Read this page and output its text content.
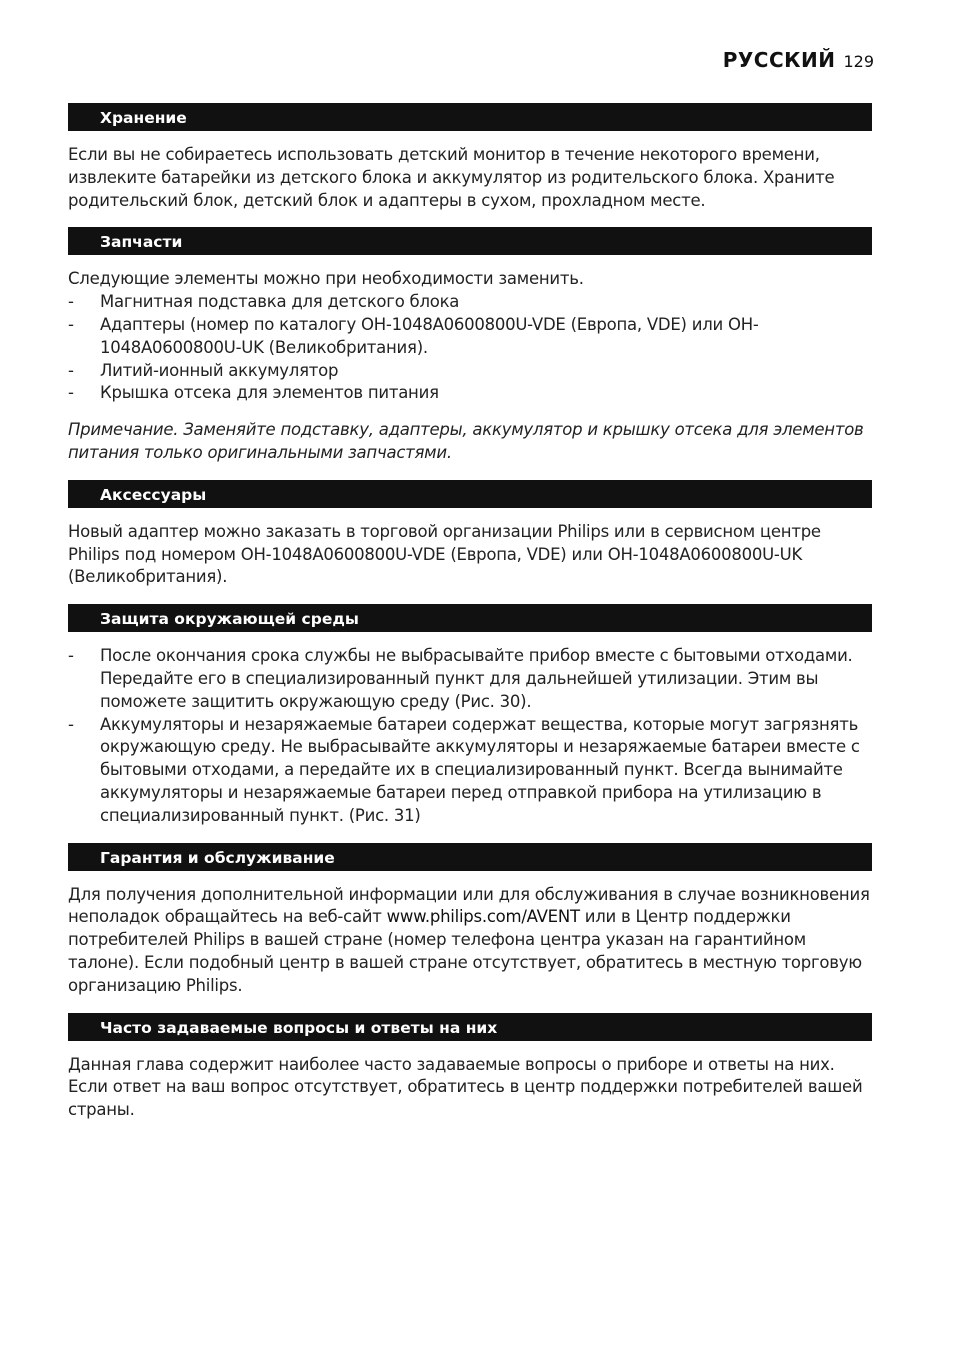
РУССКИЙ 129
Хранение

Если вы не собираетесь использовать детский монитор в течение некоторого времени, извлеките батарейки из детского блока и аккумулятор из родительского блока. Храните родительский блок, детский блок и адаптеры в сухом, прохладном месте.

Запчасти

Следующие элементы можно при необходимости заменить.

- Магнитная подставка для детского блока
- Адаптеры (номер по каталогу OH-1048A0600800U-VDE (Европа, VDE) или OH-1048A0600800U-UK (Великобритания).
- Литий-ионный аккумулятор
- Крышка отсека для элементов питания

Примечание. Заменяйте подставку, адаптеры, аккумулятор и крышку отсека для элементов питания только оригинальными запчастями.

Аксессуары

Новый адаптер можно заказать в торговой организации Philips или в сервисном центре Philips под номером OH-1048A0600800U-VDE (Европа, VDE) или OH-1048A0600800U-UK (Великобритания).

Защита окружающей среды
- После окончания срока службы не выбрасывайте прибор вместе с бытовыми отходами. Передайте его в специализированный пункт для дальнейшей утилизации. Этим вы поможете защитить окружающую среду (Рис. 30).
- Аккумуляторы и незаряжаемые батареи содержат вещества, которые могут загрязнять окружающую среду. Не выбрасывайте аккумуляторы и незаряжаемые батареи вместе с бытовыми отходами, а передайте их в специализированный пункт. Всегда вынимайте аккумуляторы и незаряжаемые батареи перед отправкой прибора на утилизацию в специализированный пункт. (Рис. 31)
Гарантия и обслуживание

Для получения дополнительной информации или для обслуживания в случае возникновения неполадок обращайтесь на веб-сайт www.philips.com/AVENT или в Центр поддержки потребителей Philips в вашей стране (номер телефона центра указан на гарантийном талоне). Если подобный центр в вашей стране отсутствует, обратитесь в местную торговую организацию Philips.

Часто задаваемые вопросы и ответы на них

Данная глава содержит наиболее часто задаваемые вопросы о приборе и ответы на них. Если ответ на ваш вопрос отсутствует, обратитесь в центр поддержки потребителей вашей страны.
